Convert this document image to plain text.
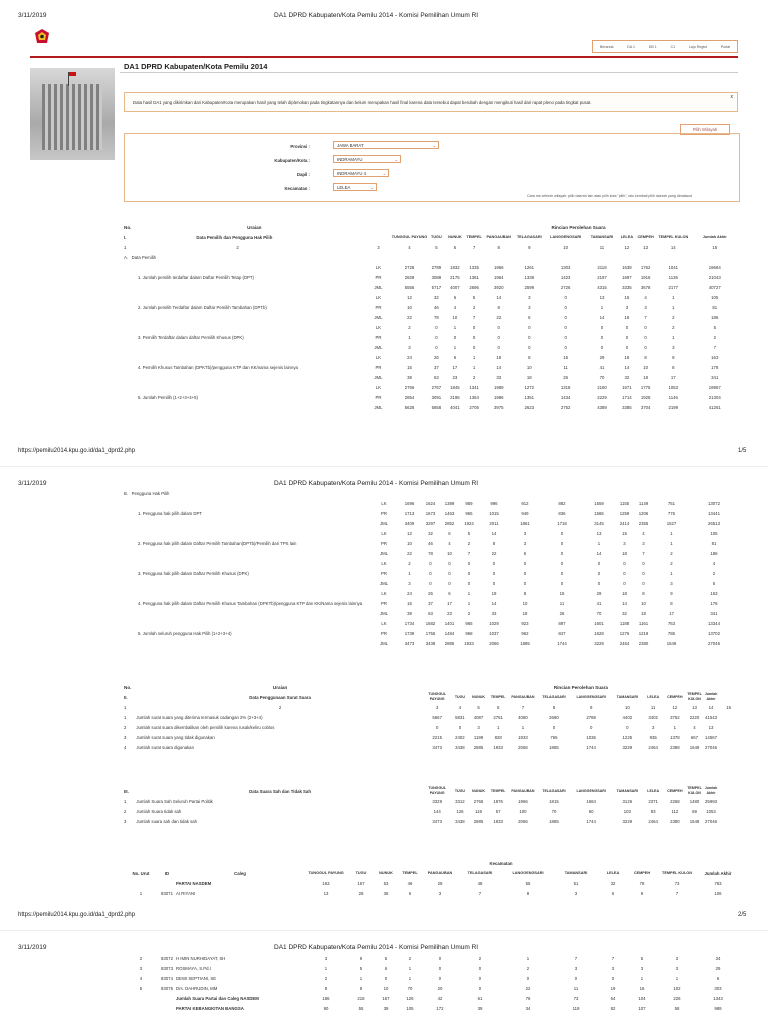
3/11/2019	DA1 DPRD Kabupaten/Kota Pemilu 2014 - Komisi Pemilihan Umum RI
Beranda	DA 1	DB 1	C1	Laju Regist	Portal
DA1 DPRD Kabupaten/Kota Pemilu 2014
Data hasil DA1 yang dikirimkan dari Kabupaten/Kota merupakan hasil yang telah diplenokan pada tingkatannya dan belum merupakan hasil final karena data tersebut dapat berubah dengan mengikuti hasil dari rapat pleno pada tingkat pusat.
x
Pilih Wilayah
Provinsi :	JAWA BARAT	⌄
Kabupaten/Kota :	INDRAMAYU	⌄
Dapil :	INDRAMAYU 4	⌄
Kecamatan :	LELEA	⌄
Cara me-refresh wilayah: pilih daerah lain atau pilih kota "pilih", lalu kembali pilih daerah yang dimaksud
No.	Uraian Rincian Perolehan Suara												
I. Data Pemilih dan Pengguna Hak Pilih		TUNGGUL PAYUNG	TUGU	NUNUK	TEMPEL	PANGAUBAN	TELAGASARI	LANGGENGSARI	TAMANSARI	LELEA	CEMPEH	TEMPEL KULON	Jumlah Akhir
1 2	3	4	5	6	7	8	9	10	11	12	13	14	15
A. Data Pemilih													
	LK	2728	2789	1832	1335	1956	1261	1303	2118	1638	1762	1041	19684
1. Jumlah pemilih terdaftar dalam Daftar Pemilih Tetap (DPT)	PR	2828	3088	2175	1361	1964	1338	1423	2197	1697	1916	1136	21043
	JML	5556	5717	4007	2696	3920	2599	2726	4315	3335	3678	2177	40727
	LK	12	32	6	5	14	3	0	13	15	4	1	105
2. Jumlah pemilih Terdaftar dalam Daftar Pemilih Tambahan (DPTb)	PR	10	46	4	2	8	3	0	1	3	3	1	81
	JML	22	78	10	7	22	6	0	14	18	7	2	186
	LK	2	0	1	0	0	0	0	0	0	0	2	5
3. Pemilih Terdaftar dalam daftar Pemilih Khusus (DPK)	PR	1	0	0	0	0	0	0	0	0	0	1	2
	JML	3	0	1	0	0	0	0	0	0	0	3	7
	LK	24	26	6	1	19	8	15	29	18	8	9	163
4. Pemilih Khusus Tambahan (DPKTb)/pengguna KTP dan KK/nama sejenis lainnya	PR	15	37	17	1	14	10	11	41	14	10	8	178
	JML	39	63	23	2	33	18	26	70	32	18	17	341
	LK	2766	2767	1845	1341	1989	1272	1318	2160	1671	1775	1053	19957
5. Jumlah Pemilih (1+2+3+4+5)	PR	2854	3091	2196	1364	1986	1351	1434	2229	1714	1928	1146	21304
	JML	5628	5858	4041	2705	3975	2623	2752	4389	3385	3704	2199	41261
https://pemilu2014.kpu.go.id/da1_dprd2.php	1/5
3/11/2019	DA1 DPRD Kabupaten/Kota Pemilu 2014 - Komisi Pemilihan Umum RI
B. Pengguna Hak Pilih													
	LK	1696	1624	1389	959	996	912	882	1559	1155	1149	751	13072
1. Pengguna hak pilih dalam DPT	PR	1713	1673	1463	965	1015	949	836	1586	1259	1206	776	13441
	JML	3409	3297	2852	1924	2011	1861	1718	3145	2414	2355	1527	26513
	LK	12	32	6	5	14	3	0	13	15	4	1	105
2. Pengguna hak pilih dalam Daftar Pemilih Tambahan(DPTb)/Pemilih dari TPS lain	PR	10	46	4	2	8	3	0	1	3	3	1	81
	JML	22	78	10	7	22	6	0	14	18	7	2	186
	LK	2	0	0	0	0	0	0	0	0	0	2	4
3. Pengguna hak pilih dalam Daftar Pemilih Khusus (DPK)	PR	1	0	0	0	0	0	0	0	0	0	1	2
	JML	3	0	0	0	0	0	0	0	0	0	3	6
	LK	24	26	6	1	19	8	15	29	18	8	9	163
4. Pengguna hak pilih dalam Daftar Pemilih Khusus Tambahan (DPKTb)/pengguna KTP dan KK/Nama sejenis lainnya	PR	15	37	17	1	14	10	11	41	14	10	8	178
	JML	39	63	23	2	33	18	26	70	32	18	17	341
	LK	1734	1682	1401	965	1029	923	897	1601	1188	1161	763	13344
5. Jumlah seluruh pengguna Hak Pilih (1+2+3+4)	PR	1739	1756	1484	968	1037	962	847	1628	1276	1219	786	13702
	JML	3473	3438	2885	1933	2066	1885	1744	3229	2464	2380	1549	27046
No.	Uraian	Rincian Perolehan Suara												
II.	Data Penggunaan Surat Suara	TUNGGUL PAYUNG	TUGU	NUNUK	TEMPEL	PANGAUBAN	TELAGASARI	LANGGENGSARI	TAMANSARI	LELEA	CEMPEH	TEMPEL KULON	Jumlah Akhir	
1	2	3	4	5	6	7	8	9	10	11	12	13	14	15
1	Jumlah surat suara yang diterima termasuk cadangan 2% (2+3+4)	5667	5831	4087	2751	4080	2680	2788	4402	3402	3752	2220	41543	
2	Jumlah surat suara dikembalikan oleh pemilih karena rusak/keliru coblos	0	0	3	1	1	0	0	0	3	1	4	13	
3	Jumlah surat suara yang tidak digunakan	2215	2402	1199	828	1933	765	1036	1225	935	1378	667	14567	
4	Jumlah surat suara digunakan	3473	3438	2885	1933	2066	1885	1744	3229	2464	2388	1549	27046	
III.	Data Suara Sah dan Tidak Sah	TUNGGUL PAYUNG	TUGU	NUNUK	TEMPEL	PANGAUBAN	TELAGASARI	LANGGENGSARI	TAMANSARI	LELEA	CEMPEH	TEMPEL KULON	Jumlah Akhir
1	Jumlah Suara Sah Seluruh Partai Politik	3329	3312	2766	1876	1966	1815	1684	3126	2371	2268	1480	25993
2	Jumlah Suara tidak sah	144	126	119	57	100	70	60	103	93	112	69	1053
3	Jumlah suara sah dan tidak sah	3473	3438	2885	1933	2066	1885	1744	3229	2464	2380	1549	27046
			Kecamatan											
No. Urut	ID	Caleg	TUNGGUL PAYUNG	TUGU	NUNUK	TEMPEL	PANGAUBAN	TELAGASARI	LANGGENGSARI	TAMANSARI	LELEA	CEMPEH	TEMPEL KULON	Jumlah Akhir
		PARTAI NASDEM	163	167	53	46	29	48	55	51	32	78	73	783
1	83071	AI RIYANI	13	28	36	6	3	7	8	3	6	9	7	106
https://pemilu2014.kpu.go.id/da1_dprd2.php	2/5
3/11/2019	DA1 DPRD Kabupaten/Kota Pemilu 2014 - Komisi Pemilihan Umum RI
2	83072	H IMIN NURHIDAYAT, SH	3	9	5	2	0	2	1	7	7	5	3	34
3	83073	ROSMAYA, S.Pd.I	1	5	6	1	0	0	2	3	3	3	3	29
4	83074	DEWI SEPTIANI, SE	2	1	0	1	0	0	0	0	0	1	1	6
5	83075	Drs. DAHRUDIN, MM	8	8	10	70	20	0	22	11	19	16	102	303
		Jumlah Suara Partai dan Caleg NASDEM	186	218	167	126	42	61	76	73	64	104	226	1343
		PARTAI KEBANGKITAN BANGSA	90	55	39	105	172	39	34	119	82	107	58	989
